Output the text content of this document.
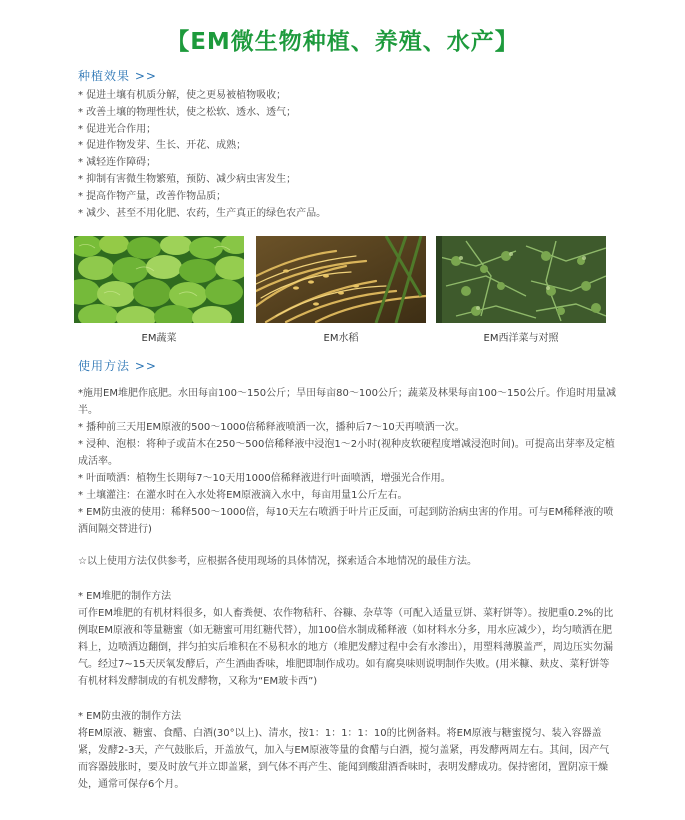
【EM微生物种植、养殖、水产】
种植效果 >>
* 促进土壤有机质分解，使之更易被植物吸收；
* 改善土壤的物理性状，使之松软、透水、透气；
* 促进光合作用；
* 促进作物发芽、生长、开花、成熟；
* 减轻连作障碍；
* 抑制有害微生物繁殖，预防、减少病虫害发生；
* 提高作物产量，改善作物品质；
* 减少、甚至不用化肥、农药，生产真正的绿色农产品。
EM蔬菜	EM水稻	EM西洋菜与对照
使用方法 >>

*施用EM堆肥作底肥。水田每亩100～150公斤；旱田每亩80～100公斤；蔬菜及林果每亩100～150公斤。作追时用量减半。

* 播种前三天用EM原液的500～1000倍稀释液喷洒一次，播种后7～10天再喷洒一次。

* 浸种、泡根：将种子或苗木在250～500倍稀释液中浸泡1～2小时(视种皮软硬程度增减浸泡时间)。可提高出芽率及定植成活率。

* 叶面喷洒：植物生长期每7～10天用1000倍稀释液进行叶面喷洒，增强光合作用。

* 土壤灌注：在灌水时在入水处将EM原液滴入水中，每亩用量1公斤左右。

* EM防虫液的使用：稀释500～1000倍，每10天左右喷洒于叶片正反面，可起到防治病虫害的作用。可与EM稀释液的喷洒间隔交替进行)

☆以上使用方法仅供参考，应根据各使用现场的具体情况，探索适合本地情况的最佳方法。

* EM堆肥的制作方法

可作EM堆肥的有机材料很多，如人畜粪便、农作物秸秆、谷糠、杂草等（可配入适量豆饼、菜籽饼等）。按肥重0.2%的比例取EM原液和等量糖蜜（如无糖蜜可用红糖代替），加100倍水制成稀释液（如材料水分多，用水应减少），均匀喷洒在肥料上，边喷洒边翻倒，拌匀拍实后堆积在不易积水的地方（堆肥发酵过程中会有水渗出），用塑料薄膜盖严，周边压实勿漏气。经过7~15天厌氧发酵后，产生酒曲香味，堆肥即制作成功。如有腐臭味则说明制作失败。(用米糠、麸皮、菜籽饼等有机材料发酵制成的有机发酵物，又称为“EM玻卡西”)

* EM防虫液的制作方法

将EM原液、糖蜜、食醋、白酒(30°以上)、清水，按1：1：1：1：10的比例备料。将EM原液与糖蜜搅匀、装入容器盖紧，发酵2-3天，产气鼓胀后，开盖放气，加入与EM原液等量的食醋与白酒，搅匀盖紧，再发酵两周左右。其间，因产气而容器鼓胀时，要及时放气并立即盖紧，到气体不再产生、能闻到酸甜酒香味时，表明发酵成功。保持密闭，置阴凉干燥处，通常可保存6个月。
